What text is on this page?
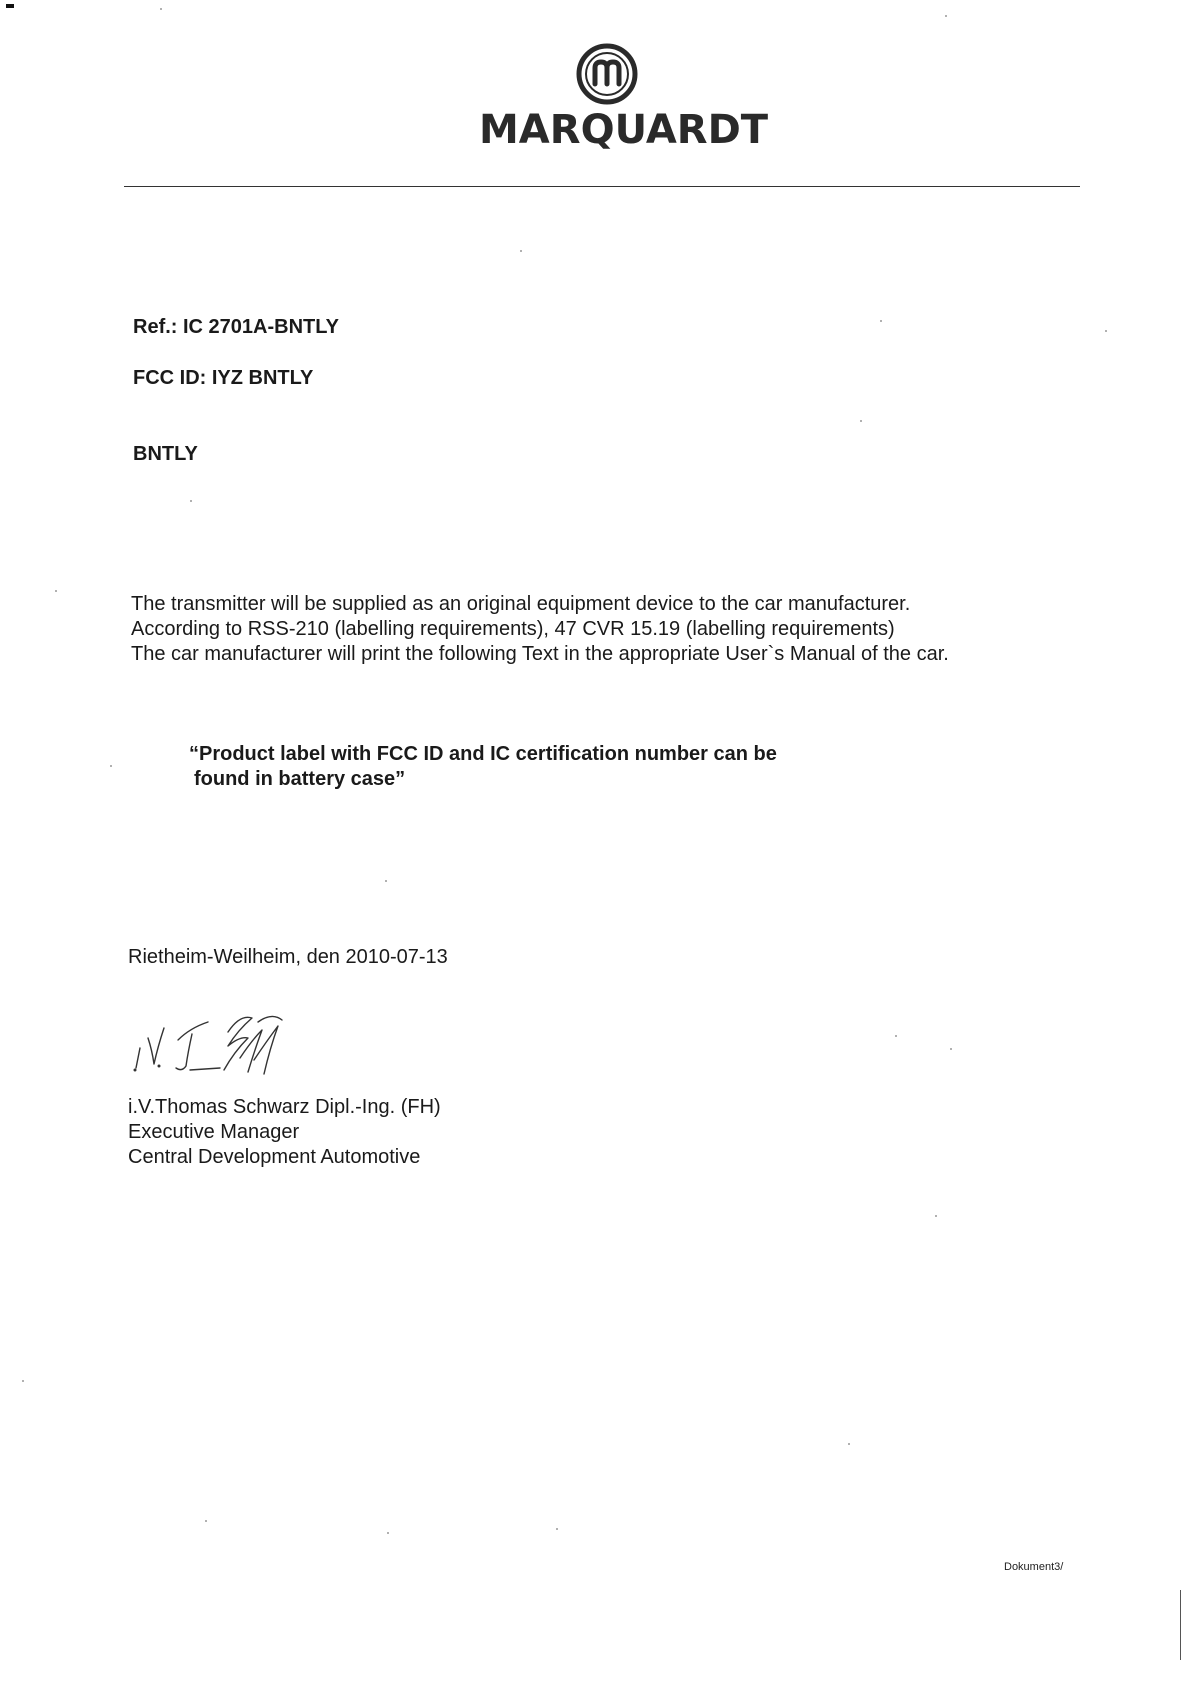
MARQUARDT
Ref.: IC 2701A-BNTLY
FCC ID: IYZ BNTLY
BNTLY
The transmitter will be supplied as an original equipment device to the car manufacturer.
According to RSS-210 (labelling requirements), 47 CVR 15.19 (labelling requirements)
The car manufacturer will print the following Text in the appropriate User`s Manual of the car.
“Product label with FCC ID and IC certification number can be
found in battery case”
Rietheim-Weilheim, den 2010-07-13
i.V.Thomas Schwarz Dipl.-Ing. (FH)
Executive Manager
Central Development Automotive
Dokument3/
